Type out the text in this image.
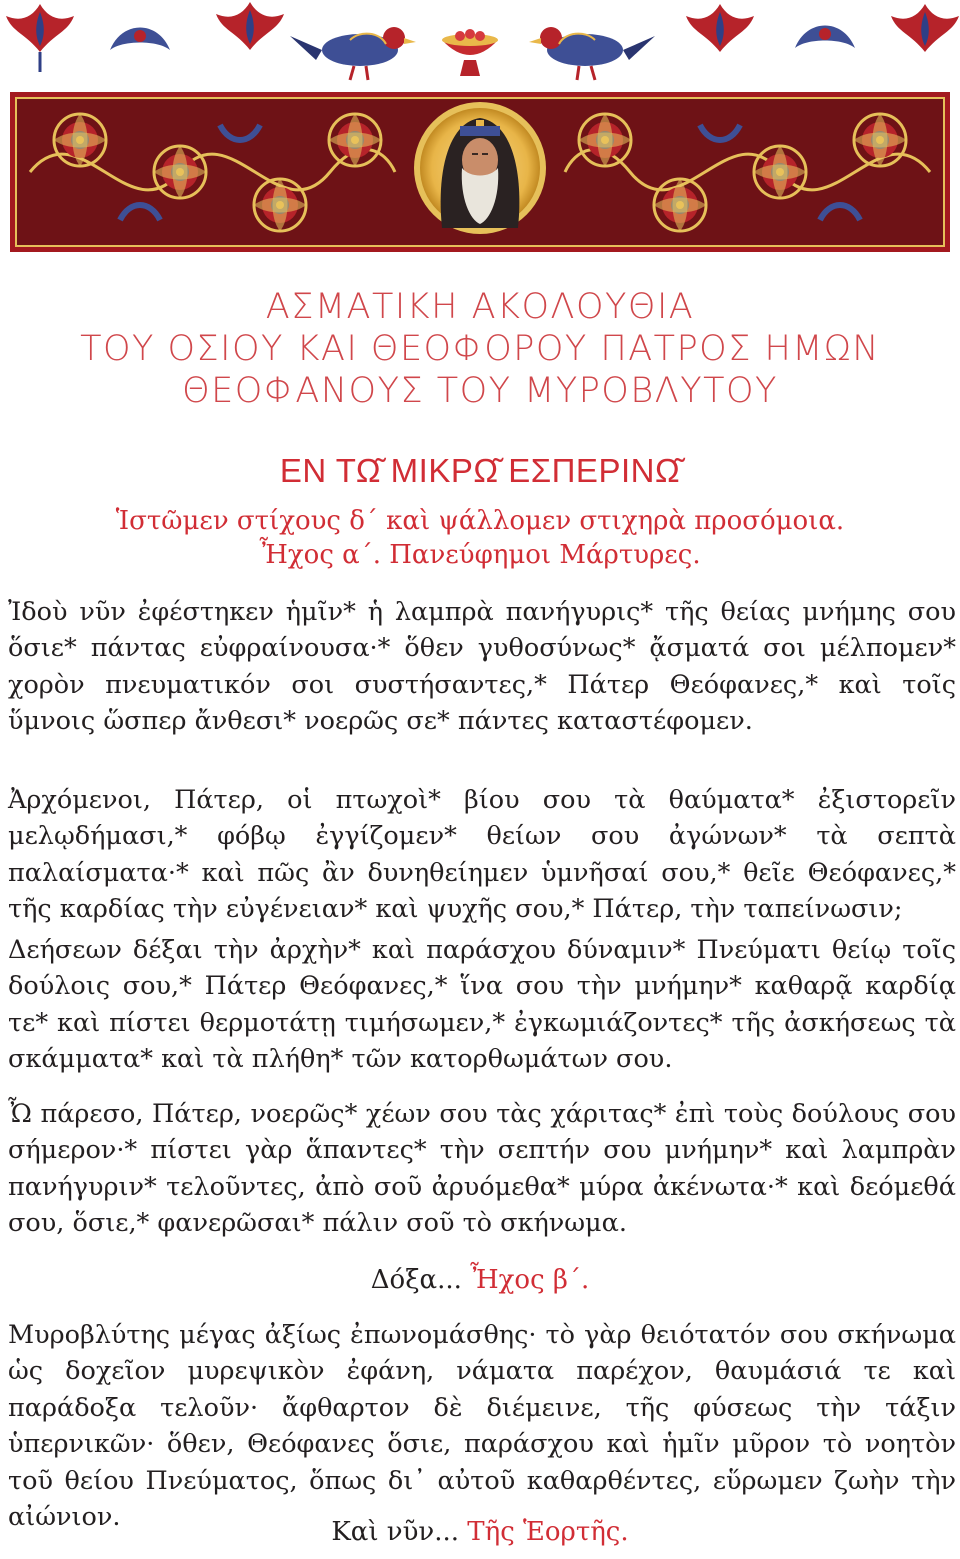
ΑΣΜΑΤΙΚΗ ΑΚΟΛΟΥΘΙΑ
ΤΟΥ ΟΣΙΟΥ ΚΑΙ ΘΕΟΦΟΡΟΥ ΠΑΤΡΟΣ ΗΜΩΝ
ΘΕΟΦΑΝΟΥΣ ΤΟΥ ΜΥΡΟΒΛΥΤΟΥ
ΕΝ ΤΩ͂ ΜΙΚΡΩ͂ ΕΣΠΕΡΙΝΩ͂
Ἱστῶμεν στίχους δ΄ καὶ ψάλλομεν στιχηρὰ προσόμοια.
Ἦχος α΄. Πανεύφημοι Μάρτυρες.
Ἰδοὺ νῦν ἐφέστηκεν ἡμῖν* ἡ λαμπρὰ πανήγυρις* τῆς θείας μνήμης σου ὅσιε* πάντας εὐφραίνουσα·* ὅθεν γυθοσύνως* ᾄσματά σοι μέλπομεν* χορὸν πνευματικόν σοι συστήσαντες,* Πάτερ Θεόφανες,* καὶ τοῖς ὕμνοις ὥσπερ ἄνθεσι* νοερῶς σε* πάντες καταστέφομεν.
Ἀρχόμενοι, Πάτερ, οἱ πτωχοὶ* βίου σου τὰ θαύματα* ἐξιστορεῖν μελῳδήμασι,* φόβῳ ἐγγίζομεν* θείων σου ἀγώνων* τὰ σεπτὰ παλαίσματα·* καὶ πῶς ἂν δυνηθείημεν ὑμνῆσαί σου,* θεῖε Θεόφανες,* τῆς καρδίας τὴν εὐγένειαν* καὶ ψυχῆς σου,* Πάτερ, τὴν ταπείνωσιν;
Δεήσεων δέξαι τὴν ἀρχὴν* καὶ παράσχου δύναμιν* Πνεύματι θείῳ τοῖς δούλοις σου,* Πάτερ Θεόφανες,* ἵνα σου τὴν μνήμην* καθαρᾷ καρδίᾳ τε* καὶ πίστει θερμοτάτῃ τιμήσωμεν,* ἐγκωμιάζοντες* τῆς ἀσκήσεως τὰ σκάμματα* καὶ τὰ πλήθη* τῶν κατορθωμάτων σου.
Ὦ πάρεσο, Πάτερ, νοερῶς* χέων σου τὰς χάριτας* ἐπὶ τοὺς δούλους σου σήμερον·* πίστει γὰρ ἅπαντες* τὴν σεπτήν σου μνήμην* καὶ λαμπρὰν πανήγυριν* τελοῦντες, ἀπὸ σοῦ ἀρυόμεθα* μύρα ἀκένωτα·* καὶ δεόμεθά σου, ὅσιε,* φανερῶσαι* πάλιν σοῦ τὸ σκήνωμα.
Δόξα... Ἦχος β΄.
Μυροβλύτης μέγας ἀξίως ἐπωνομάσθης· τὸ γὰρ θειότατόν σου σκήνωμα ὡς δοχεῖον μυρεψικὸν ἐφάνη, νάματα παρέχον, θαυμάσιά τε καὶ παράδοξα τελοῦν· ἄφθαρτον δὲ διέμεινε, τῆς φύσεως τὴν τάξιν ὑπερνικῶν· ὅθεν, Θεόφανες ὅσιε, παράσχου καὶ ἡμῖν μῦρον τὸ νοητὸν τοῦ θείου Πνεύματος, ὅπως δι᾿ αὐτοῦ καθαρθέντες, εὕρωμεν ζωὴν τὴν αἰώνιον.	Καὶ νῦν... Τῆς Ἑορτῆς.
